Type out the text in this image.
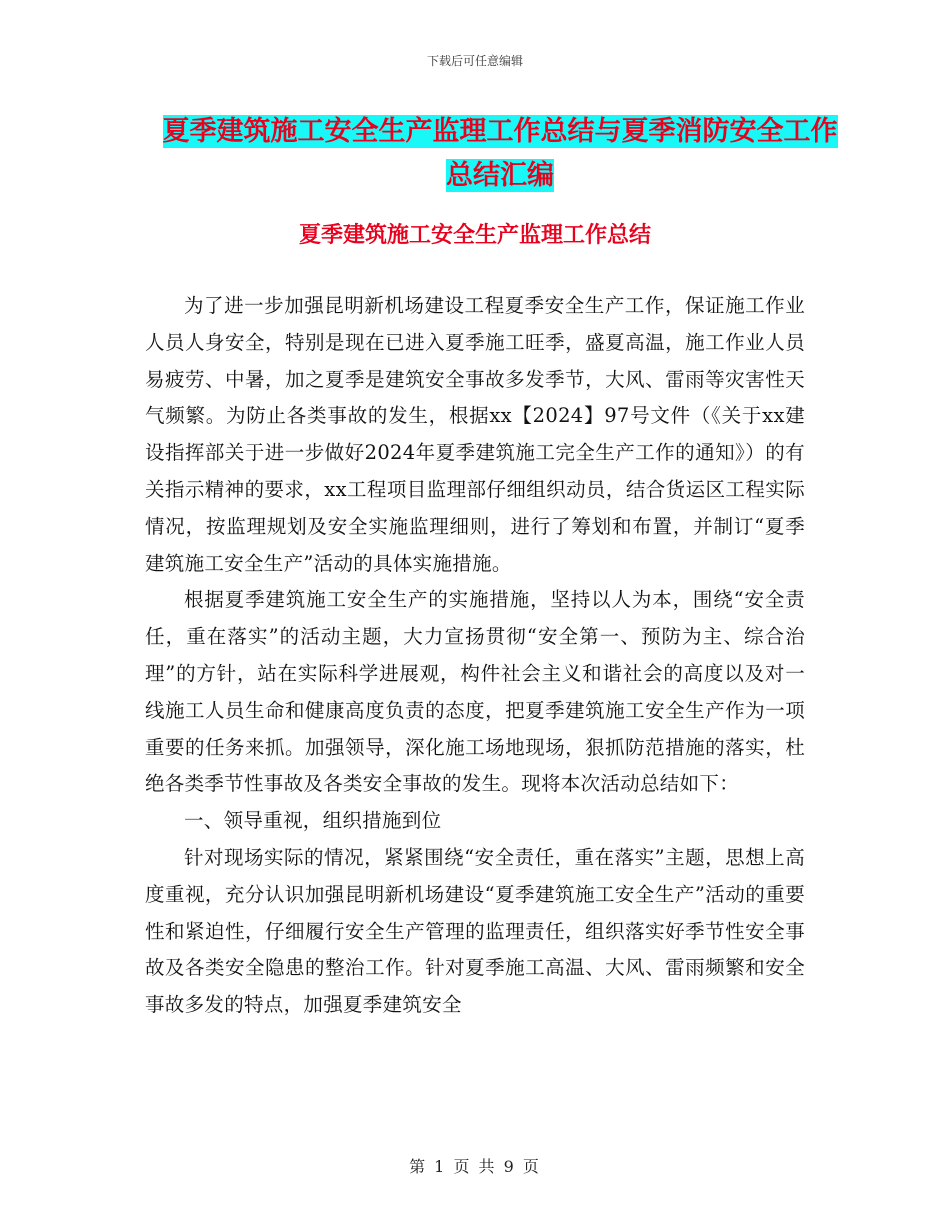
下载后可任意编辑
夏季建筑施工安全生产监理工作总结与夏季消防安全工作总结汇编
夏季建筑施工安全生产监理工作总结

为了进一步加强昆明新机场建设工程夏季安全生产工作，保证施工作业人员人身安全，特别是现在已进入夏季施工旺季，盛夏高温，施工作业人员易疲劳、中暑，加之夏季是建筑安全事故多发季节，大风、雷雨等灾害性天气频繁。为防止各类事故的发生，根据xx【2024】97号文件（《关于xx建设指挥部关于进一步做好2024年夏季建筑施工完全生产工作的通知》）的有关指示精神的要求，xx工程项目监理部仔细组织动员，结合货运区工程实际情况，按监理规划及安全实施监理细则，进行了筹划和布置，并制订“夏季建筑施工安全生产”活动的具体实施措施。

根据夏季建筑施工安全生产的实施措施，坚持以人为本，围绕“安全责任，重在落实”的活动主题，大力宣扬贯彻“安全第一、预防为主、综合治理”的方针，站在实际科学进展观，构件社会主义和谐社会的高度以及对一线施工人员生命和健康高度负责的态度，把夏季建筑施工安全生产作为一项重要的任务来抓。加强领导，深化施工场地现场，狠抓防范措施的落实，杜绝各类季节性事故及各类安全事故的发生。现将本次活动总结如下：

一、领导重视，组织措施到位

针对现场实际的情况，紧紧围绕“安全责任，重在落实”主题，思想上高度重视，充分认识加强昆明新机场建设“夏季建筑施工安全生产”活动的重要性和紧迫性，仔细履行安全生产管理的监理责任，组织落实好季节性安全事故及各类安全隐患的整治工作。针对夏季施工高温、大风、雷雨频繁和安全事故多发的特点，加强夏季建筑安全

第 1 页 共 9 页
